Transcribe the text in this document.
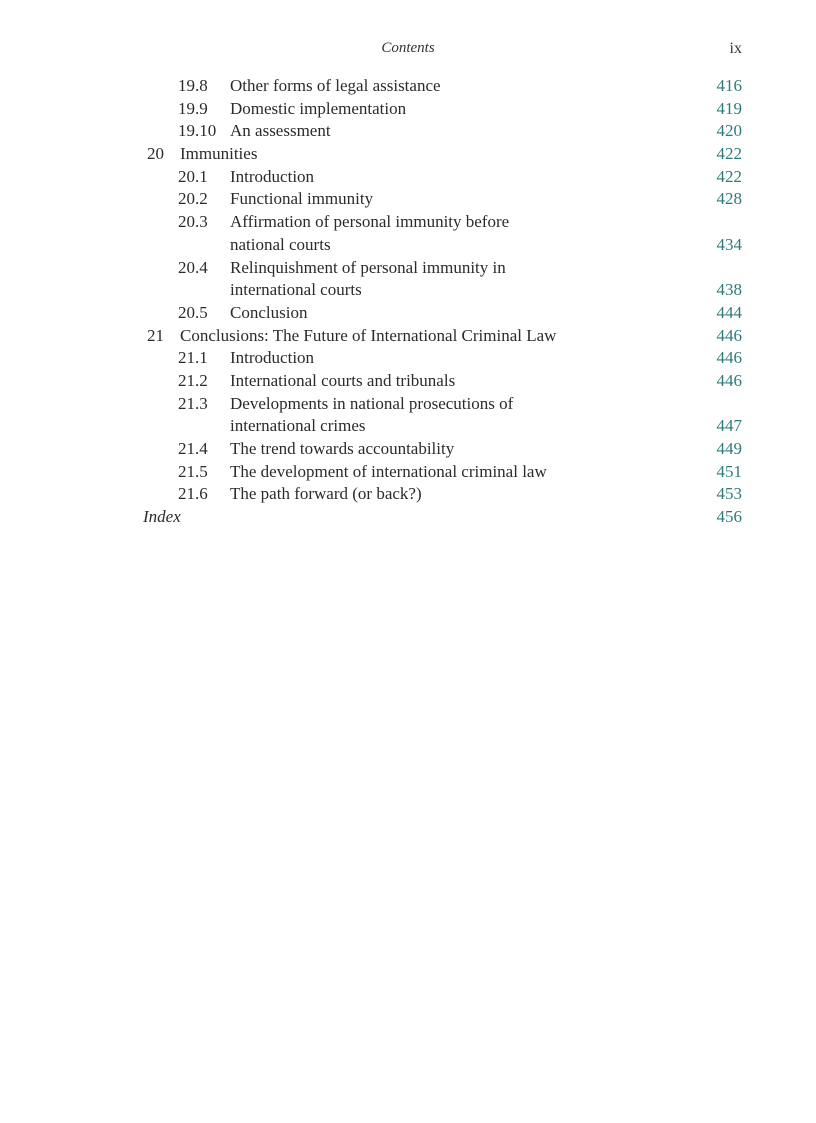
Contents	ix
19.8 Other forms of legal assistance	416
19.9 Domestic implementation	419
19.10 An assessment	420
20 Immunities	422
20.1 Introduction	422
20.2 Functional immunity	428
20.3 Affirmation of personal immunity before
national courts	434
20.4 Relinquishment of personal immunity in
international courts	438
20.5 Conclusion	444
21 Conclusions: The Future of International Criminal Law	446
21.1 Introduction	446
21.2 International courts and tribunals	446
21.3 Developments in national prosecutions of
international crimes	447
21.4 The trend towards accountability	449
21.5 The development of international criminal law	451
21.6 The path forward (or back?)	453
Index	456
